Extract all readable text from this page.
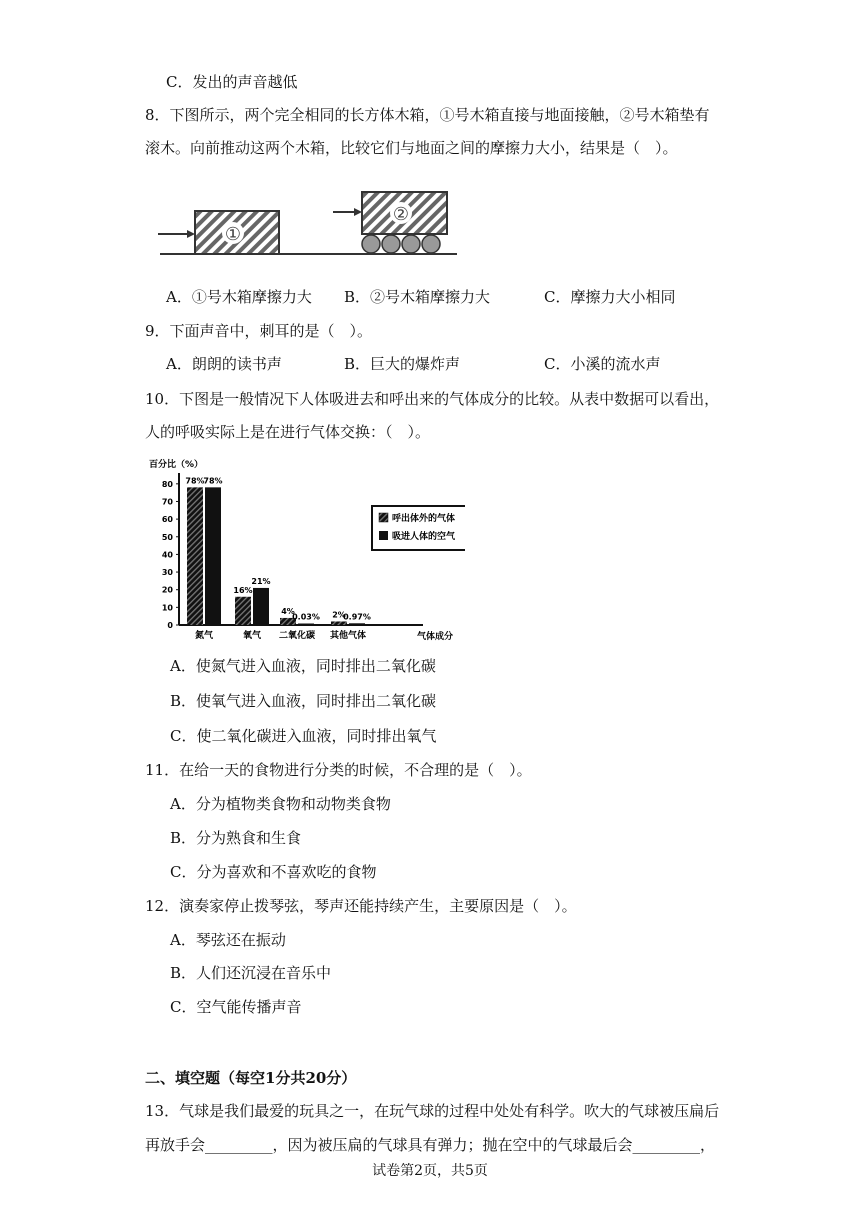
C．发出的声音越低
8．下图所示，两个完全相同的长方体木箱，①号木箱直接与地面接触，②号木箱垫有
滚木。向前推动这两个木箱，比较它们与地面之间的摩擦力大小，结果是（　）。
①
②
A．①号木箱摩擦力大 B．②号木箱摩擦力大	C．摩擦力大小相同
9．下面声音中，刺耳的是（　）。
A．朗朗的读书声	B．巨大的爆炸声	C．小溪的流水声
10．下图是一般情况下人体吸进去和呼出来的气体成分的比较。从表中数据可以看出，
人的呼吸实际上是在进行气体交换：（　）。
百分比（%）
0
10
20
30
40
50
60
70
80 78%
78%
16%
21%
4%
0.03% 2%
0.97%
氮气	氧气 二氧化碳 其他气体	气体成分
呼出体外的气体
吸进人体的空气
A．使氮气进入血液，同时排出二氧化碳
B．使氧气进入血液，同时排出二氧化碳
C．使二氧化碳进入血液，同时排出氧气
11．在给一天的食物进行分类的时候，不合理的是（　）。
A．分为植物类食物和动物类食物
B．分为熟食和生食
C．分为喜欢和不喜欢吃的食物
12．演奏家停止拨琴弦，琴声还能持续产生，主要原因是（　）。
A．琴弦还在振动
B．人们还沉浸在音乐中
C．空气能传播声音
二、填空题（每空1分共20分）
13．气球是我们最爱的玩具之一，在玩气球的过程中处处有科学。吹大的气球被压扁后
再放手会_________，因为被压扁的气球具有弹力；抛在空中的气球最后会_________，
试卷第2页，共5页
